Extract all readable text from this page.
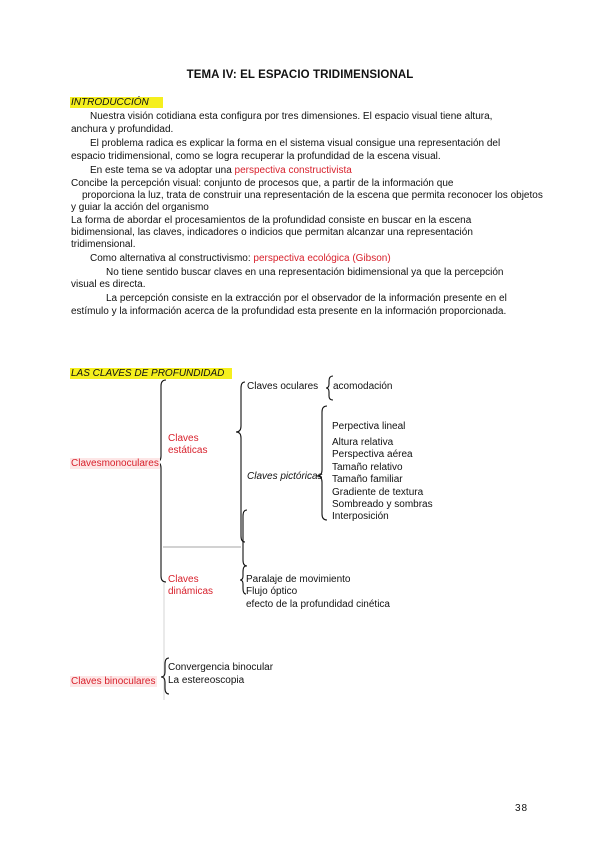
TEMA IV: EL ESPACIO TRIDIMENSIONAL
INTRODUCCIÓN
Nuestra visión cotidiana esta configura por tres dimensiones. El espacio visual tiene altura,
anchura y profundidad.
El problema radica es explicar la forma en el sistema visual consigue una representación del
espacio tridimensional, como se logra recuperar la profundidad de la escena visual.
En este tema se va adoptar una perspectiva constructivista
Concibe la percepción visual: conjunto de procesos que, a partir de la información que
proporciona la luz, trata de construir una representación de la escena que permita reconocer los objetos
y guiar la acción del organismo
La forma de abordar el procesamientos de la profundidad consiste en buscar en la escena
bidimensional, las claves, indicadores o indicios que permitan alcanzar una representación
tridimensional.
Como alternativa al constructivismo: perspectiva ecológica (Gibson)
No tiene sentido buscar claves en una representación bidimensional ya que la percepción
visual es directa.
La percepción consiste en la extracción por el observador de la información presente en el
estímulo y la información acerca de la profundidad esta presente en la información proporcionada.
LAS CLAVES DE PROFUNDIDAD
Clavesmonoculares
Claves
estáticas
Claves
dinámicas
Claves oculares acomodación
Claves pictóricas
Perpectiva lineal
Altura relativa
Perspectiva aérea
Tamaño relativo
Tamaño familiar
Gradiente de textura
Sombreado y sombras
Interposición
Paralaje de movimiento
Flujo óptico
efecto de la profundidad cinética
Claves binoculares
Convergencia binocular
La estereoscopia
38
